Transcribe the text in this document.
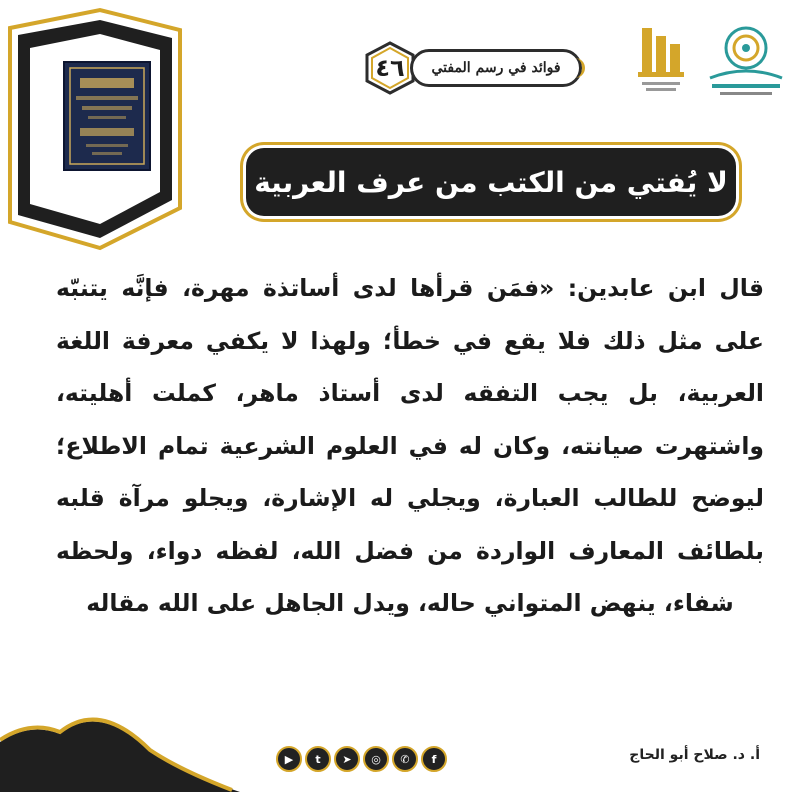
٤٦	فوائد في رسم المفتي
لا يُفتي من الكتب من عرف العربية
قال ابن عابدين: «فمَن قرأها لدى أساتذة مهرة، فإنَّه يتنبّه على مثل ذلك فلا يقع في خطأ؛ ولهذا لا يكفي معرفة اللغة العربية، بل يجب التفقه لدى أستاذ ماهر، كملت أهليته، واشتهرت صيانته، وكان له في العلوم الشرعية تمام الاطلاع؛ ليوضح للطالب العبارة، ويجلي له الإشارة، ويجلو مرآة قلبه بلطائف المعارف الواردة من فضل الله، لفظه دواء، ولحظه شفاء، ينهض المتواني حاله، ويدل الجاهل على الله مقاله
▶	t	➤	◎	✆	f	أ. د. صلاح أبو الحاج
